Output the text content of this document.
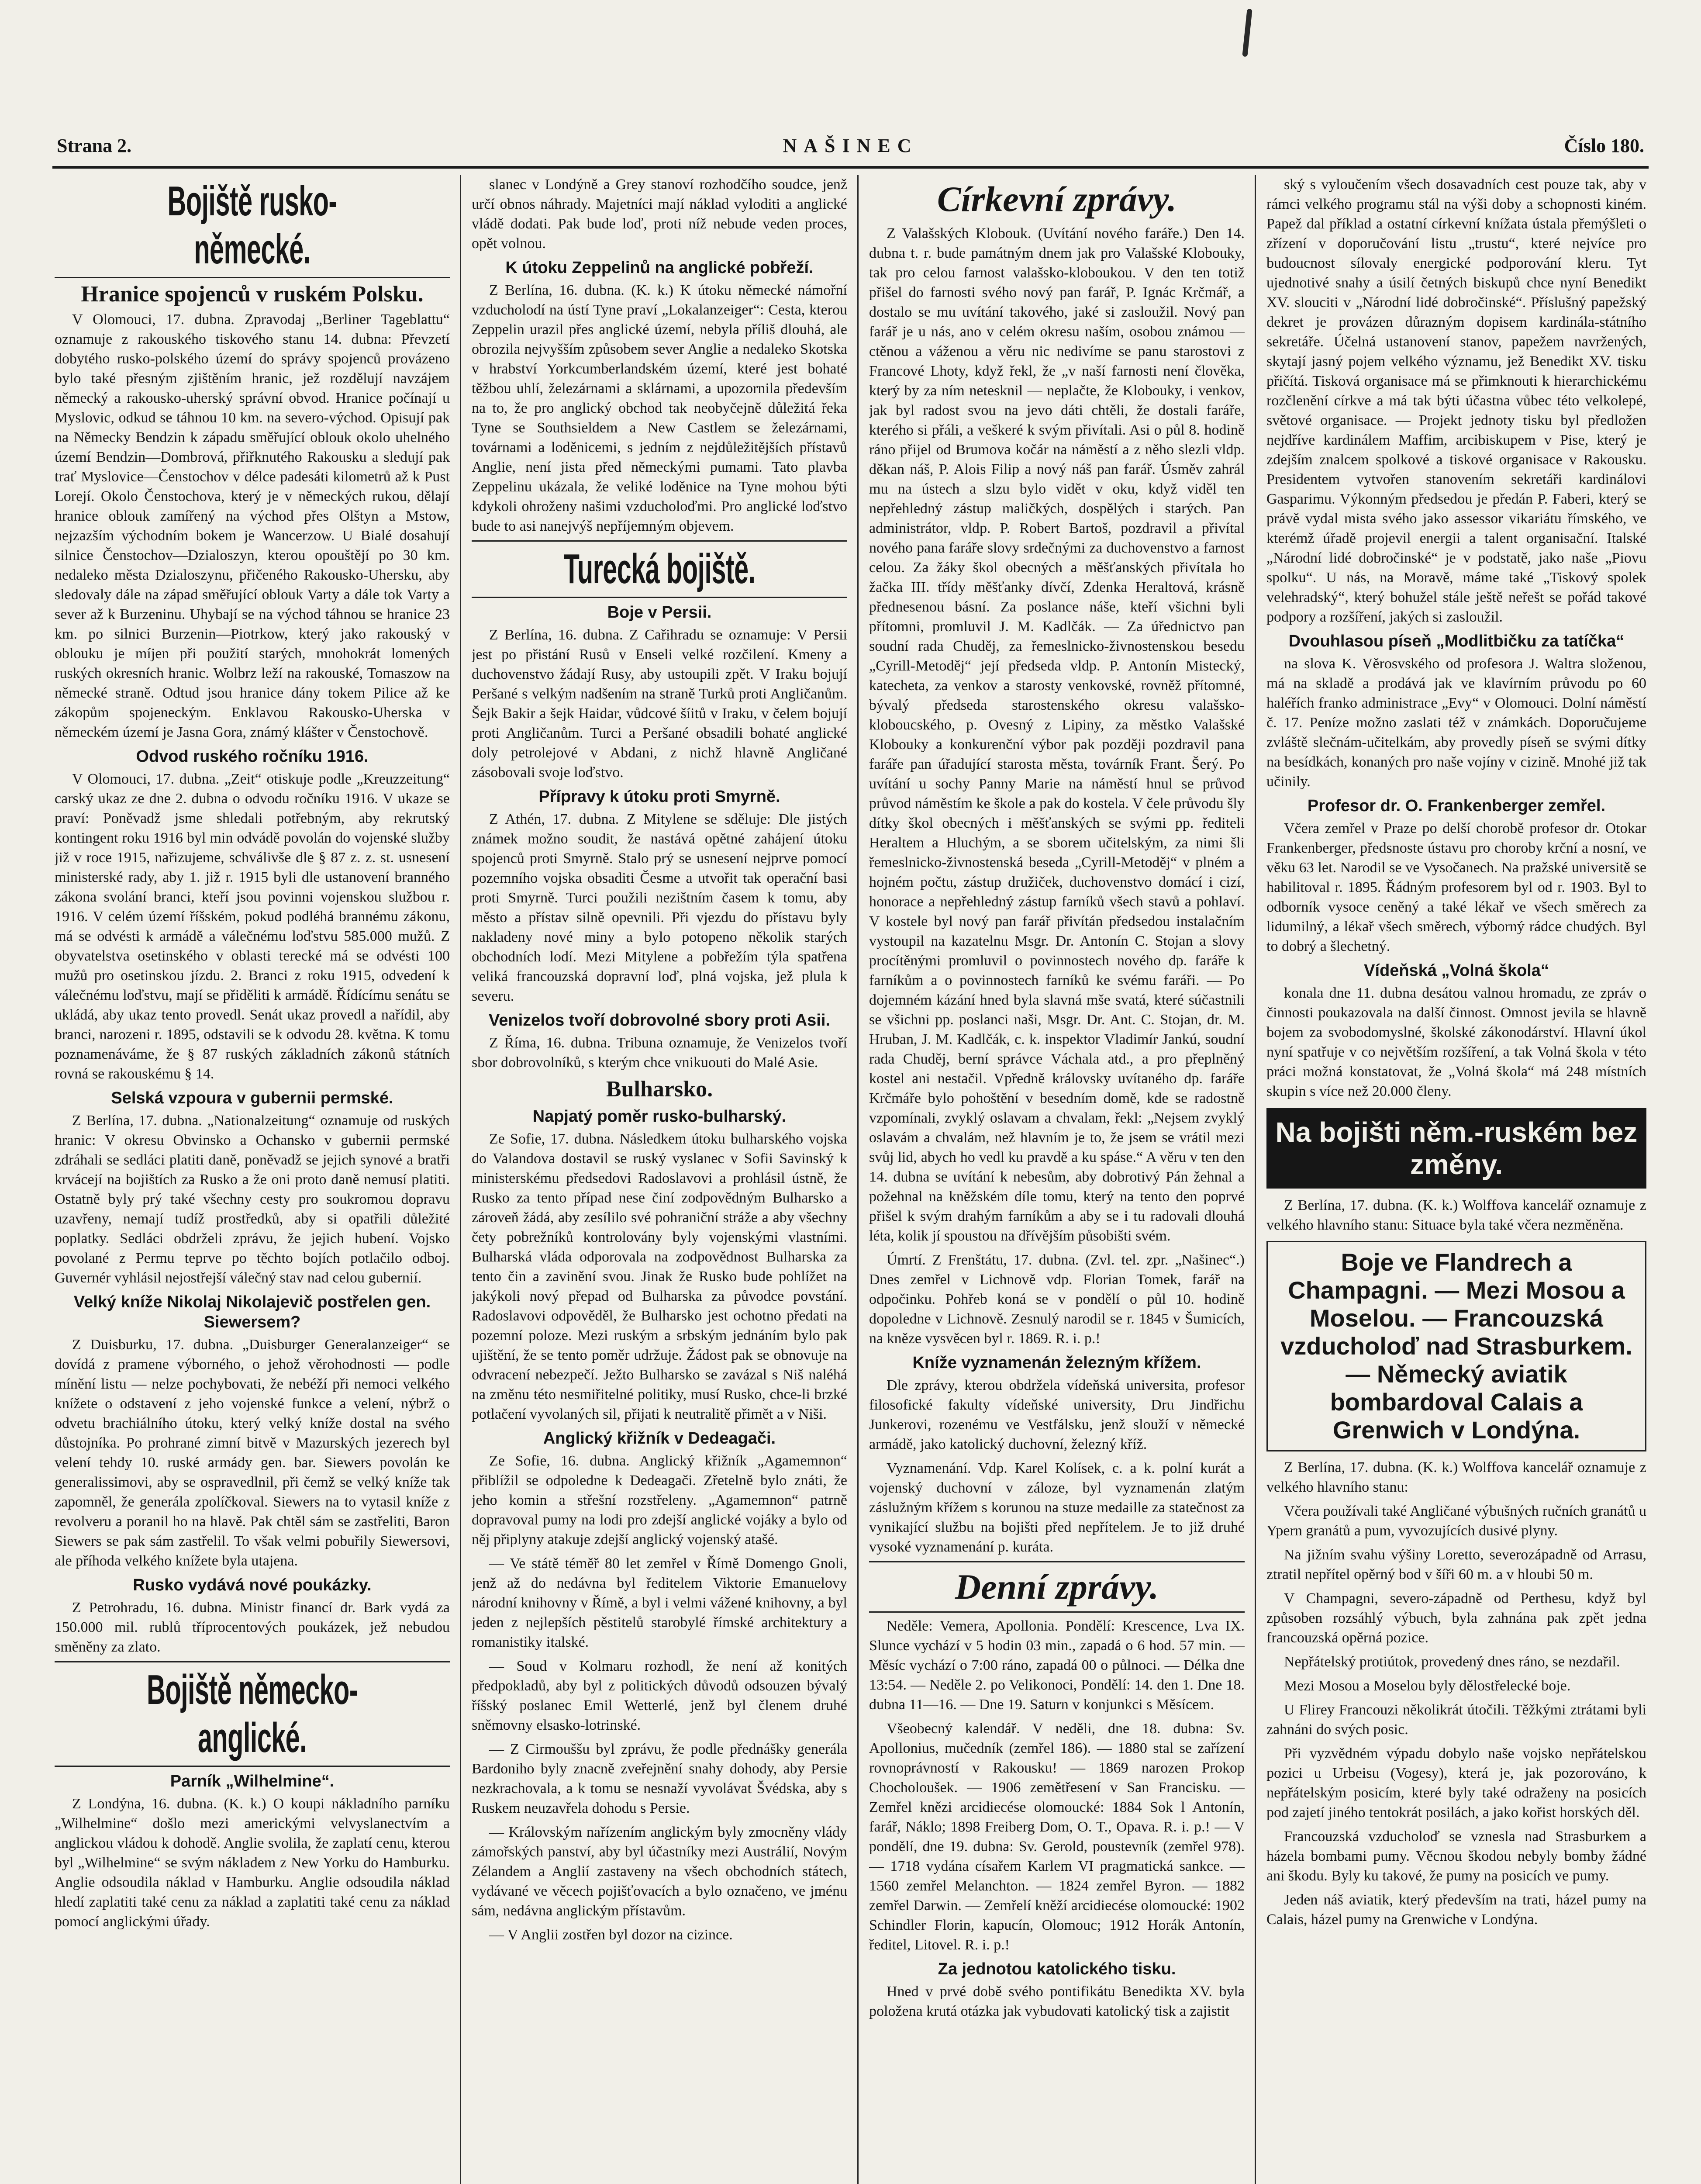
Strana 2.	NAŠINEC	Číslo 180.
Bojiště rusko-německé.
Hranice spojenců v ruském Polsku.

V Olomouci, 17. dubna. Zpravodaj „Berliner Tageblattu“ oznamuje z rakouského tiskového stanu 14. dubna: Převzetí dobytého rusko-polského území do správy spojenců provázeno bylo také přesným zjištěním hranic, jež rozdělují navzájem německý a rakousko-uherský správní obvod. Hranice počínají u Myslovic, odkud se táhnou 10 km. na severo-východ. Opisují pak na Německy Bendzin k západu směřující oblouk okolo uhelného území Bendzin—Dombrová, přiřknutého Rakousku a sledují pak trať Myslovice—Čenstochov v délce padesáti kilometrů až k Pust Lorejí. Okolo Čenstochova, který je v německých rukou, dělají hranice oblouk zamířený na východ přes Olštyn a Mstow, nejzazším východním bokem je Wancerzow. U Bialé dosahují silnice Čenstochov—Dzialoszyn, kterou opouštějí po 30 km. nedaleko města Dzialoszynu, přičeného Rakousko-Uhersku, aby sledovaly dále na západ směřující oblouk Varty a dále tok Varty a sever až k Burzeninu. Uhybají se na východ táhnou se hranice 23 km. po silnici Burzenin—Piotrkow, který jako rakouský v oblouku je míjen při použití starých, mnohokrát lomených ruských okresních hranic. Wolbrz leží na rakouské, Tomaszow na německé straně. Odtud jsou hranice dány tokem Pilice až ke zákopům spojeneckým. Enklavou Rakousko-Uherska v německém území je Jasna Gora, známý klášter v Čenstochově.

Odvod ruského ročníku 1916.

V Olomouci, 17. dubna. „Zeit“ otiskuje podle „Kreuzzeitung“ carský ukaz ze dne 2. dubna o odvodu ročníku 1916. V ukaze se praví: Poněvadž jsme shledali potřebným, aby rekrutský kontingent roku 1916 byl min odvádě povolán do vojenské služby již v roce 1915, nařizujeme, schválivše dle § 87 z. z. st. usnesení ministerské rady, aby 1. již r. 1915 byli dle ustanovení branného zákona svolání branci, kteří jsou povinni vojenskou službou r. 1916. V celém území říšském, pokud podléhá brannému zákonu, má se odvésti k armádě a válečnému loďstvu 585.000 mužů. Z obyvatelstva osetinského v oblasti terecké má se odvésti 100 mužů pro osetinskou jízdu. 2. Branci z roku 1915, odvedení k válečnému loďstvu, mají se přiděliti k armádě. Řídícímu senátu se ukládá, aby ukaz tento provedl. Senát ukaz provedl a nařídil, aby branci, narozeni r. 1895, odstavili se k odvodu 28. května. K tomu poznamenáváme, že § 87 ruských základních zákonů státních rovná se rakouskému § 14.

Selská vzpoura v gubernii permské.

Z Berlína, 17. dubna. „Nationalzeitung“ oznamuje od ruských hranic: V okresu Obvinsko a Ochansko v gubernii permské zdráhali se sedláci platiti daně, poněvadž se jejich synové a bratři krvácejí na bojištích za Rusko a že oni proto daně nemusí platiti. Ostatně byly prý také všechny cesty pro soukromou dopravu uzavřeny, nemají tudíž prostředků, aby si opatřili důležité poplatky. Sedláci obdrželi zprávu, že jejich hubení. Vojsko povolané z Permu teprve po těchto bojích potlačilo odboj. Guvernér vyhlásil nejostřejší válečný stav nad celou gubernií.

Velký kníže Nikolaj Nikolajevič postřelen gen. Siewersem?

Z Duisburku, 17. dubna. „Duisburger Generalanzeiger“ se dovídá z pramene výborného, o jehož věrohodnosti — podle mínění listu — nelze pochybovati, že nebéží při nemoci velkého knížete o odstavení z jeho vojenské funkce a velení, nýbrž o odvetu brachiálního útoku, který velký kníže dostal na svého důstojníka. Po prohrané zimní bitvě v Mazurských jezerech byl velení tehdy 10. ruské armády gen. bar. Siewers povolán ke generalissimovi, aby se ospravedlnil, při čemž se velký kníže tak zapomněl, že generála zpolíčkoval. Siewers na to vytasil kníže z revolveru a poranil ho na hlavě. Pak chtěl sám se zastřeliti, Baron Siewers se pak sám zastřelil. To však velmi pobuřily Siewersovi, ale příhoda velkého knížete byla utajena.

Rusko vydává nové poukázky.

Z Petrohradu, 16. dubna. Ministr financí dr. Bark vydá za 150.000 mil. rublů tříprocentových poukázek, jež nebudou směněny za zlato.

Bojiště německo-anglické.
Parník „Wilhelmine“.

Z Londýna, 16. dubna. (K. k.) O koupi nákladního parníku „Wilhelmine“ došlo mezi americkými velvyslanectvím a anglickou vládou k dohodě. Anglie svolila, že zaplatí cenu, kterou byl „Wilhelmine“ se svým nákladem z New Yorku do Hamburku. Anglie odsoudila náklad v Hamburku. Anglie odsoudila náklad hledí zaplatiti také cenu za náklad a zaplatiti také cenu za náklad pomocí anglickými úřady.

slanec v Londýně a Grey stanoví rozhodčího soudce, jenž určí obnos náhrady. Majetníci mají náklad vyloditi a anglické vládě dodati. Pak bude loď, proti níž nebude veden proces, opět volnou.

K útoku Zeppelinů na anglické pobřeží.

Z Berlína, 16. dubna. (K. k.) K útoku německé námořní vzducholodí na ústí Tyne praví „Lokalanzeiger“: Cesta, kterou Zeppelin urazil přes anglické území, nebyla příliš dlouhá, ale obrozila nejvyšším způsobem sever Anglie a nedaleko Skotska v hrabství Yorkcumberlandském území, které jest bohaté těžbou uhlí, železárnami a sklárnami, a upozornila především na to, že pro anglický obchod tak neobyčejně důležitá řeka Tyne se Southsieldem a New Castlem se železárnami, továrnami a loděnicemi, s jedním z nejdůležitějších přístavů Anglie, není jista před německými pumami. Tato plavba Zeppelinu ukázala, že veliké loděnice na Tyne mohou býti kdykoli ohroženy našimi vzducholoďmi. Pro anglické loďstvo bude to asi nanejvýš nepříjemným objevem.

Turecká bojiště.
Boje v Persii.

Z Berlína, 16. dubna. Z Cařihradu se oznamuje: V Persii jest po přistání Rusů v Enseli velké rozčilení. Kmeny a duchovenstvo žádají Rusy, aby ustoupili zpět. V Iraku bojují Peršané s velkým nadšením na straně Turků proti Angličanům. Šejk Bakir a šejk Haidar, vůdcové šíitů v Iraku, v čelem bojují proti Angličanům. Turci a Peršané obsadili bohaté anglické doly petrolejové v Abdani, z nichž hlavně Angličané zásobovali svoje loďstvo.

Přípravy k útoku proti Smyrně.

Z Athén, 17. dubna. Z Mitylene se sděluje: Dle jistých známek možno soudit, že nastává opětné zahájení útoku spojenců proti Smyrně. Stalo prý se usnesení nejprve pomocí pozemního vojska obsaditi Česme a utvořit tak operační basi proti Smyrně. Turci použili nezištním časem k tomu, aby město a přístav silně opevnili. Při vjezdu do přístavu byly nakladeny nové miny a bylo potopeno několik starých obchodních lodí. Mezi Mitylene a pobřežím týla spatřena veliká francouzská dopravní loď, plná vojska, jež plula k severu.

Venizelos tvoří dobrovolné sbory proti Asii.

Z Říma, 16. dubna. Tribuna oznamuje, že Venizelos tvoří sbor dobrovolníků, s kterým chce vnikuouti do Malé Asie.

Bulharsko.
Napjatý poměr rusko-bulharský.

Ze Sofie, 17. dubna. Následkem útoku bulharského vojska do Valandova dostavil se ruský vyslanec v Sofii Savinský k ministerskému předsedovi Radoslavovi a prohlásil ústně, že Rusko za tento případ nese činí zodpovědným Bulharsko a zároveň žádá, aby zesílilo své pohraniční stráže a aby všechny čety pobrežníků kontrolovány byly vojenskými vlastními. Bulharská vláda odporovala na zodpovědnost Bulharska za tento čin a zavinění svou. Jinak že Rusko bude pohlížet na jakýkoli nový přepad od Bulharska za původce povstání. Radoslavovi odpověděl, že Bulharsko jest ochotno předati na pozemní poloze. Mezi ruským a srbským jednáním bylo pak ujištění, že se tento poměr udržuje. Žádost pak se obnovuje na odvracení nebezpečí. Ježto Bulharsko se zavázal s Niš naléhá na změnu této nesmiřitelné politiky, musí Rusko, chce-li brzké potlačení vyvolaných sil, přijati k neutralitě přimět a v Niši.

Anglický křižník v Dedeagači.

Ze Sofie, 16. dubna. Anglický křižník „Agamemnon“ přiblížil se odpoledne k Dedeagači. Zřetelně bylo znáti, že jeho komin a střešní rozstřeleny. „Agamemnon“ patrně dopravoval pumy na lodi pro zdejší anglické vojáky a bylo od něj připlyny atakuje zdejší anglický vojenský atašé.

— Ve státě téměř 80 let zemřel v Římě Domengo Gnoli, jenž až do nedávna byl ředitelem Viktorie Emanuelovy národní knihovny v Římě, a byl i velmi vážené knihovny, a byl jeden z nejlepších pěstitelů starobylé římské architektury a romanistiky italské.

— Soud v Kolmaru rozhodl, že není až konitých předpokladů, aby byl z politických důvodů odsouzen bývalý říšský poslanec Emil Wetterlé, jenž byl členem druhé sněmovny elsasko-lotrinské.

— Z Cirmouššu byl zprávu, že podle přednášky generála Bardoniho byly znacně zveřejnění snahy dohody, aby Persie nezkrachovala, a k tomu se nesnaží vyvolávat Švédska, aby s Ruskem neuzavřela dohodu s Persie.

— Královským nařízením anglickým byly zmocněny vlády zámořských panství, aby byl účastníky mezi Austrálií, Novým Zélandem a Anglií zastaveny na všech obchodních státech, vydávané ve věcech pojišťovacích a bylo označeno, ve jménu sám, nedávna anglickým přístavům.

— V Anglii zostřen byl dozor na cizince.

Církevní zprávy.

Z Valašských Klobouk. (Uvítání nového faráře.) Den 14. dubna t. r. bude památným dnem jak pro Valašské Klobouky, tak pro celou farnost valašsko-kloboukou. V den ten totiž přišel do farnosti svého nový pan farář, P. Ignác Krčmář, a dostalo se mu uvítání takového, jaké si zasloužil. Nový pan farář je u nás, ano v celém okresu naším, osobou známou — ctěnou a váženou a věru nic nedivíme se panu starostovi z Francové Lhoty, když řekl, že „v naší farnosti není člověka, který by za ním netesknil — neplačte, že Klobouky, i venkov, jak byl radost svou na jevo dáti chtěli, že dostali faráře, kterého si přáli, a veškeré k svým přivítali. Asi o půl 8. hodině ráno přijel od Brumova kočár na náměstí a z něho slezli vldp. děkan náš, P. Alois Filip a nový náš pan farář. Úsměv zahrál mu na ústech a slzu bylo vidět v oku, když viděl ten nepřehledný zástup maličkých, dospělých i starých. Pan administrátor, vldp. P. Robert Bartoš, pozdravil a přivítal nového pana faráře slovy srdečnými za duchovenstvo a farnost celou. Za žáky škol obecných a měšťanských přivítala ho žačka III. třídy měšťanky dívčí, Zdenka Heraltová, krásně přednesenou básní. Za poslance náše, kteří všichni byli přítomni, promluvil J. M. Kadlčák. — Za úřednictvo pan soudní rada Chuděj, za řemeslnicko-živnostenskou besedu „Cyrill-Metoděj“ její předseda vldp. P. Antonín Mistecký, katecheta, za venkov a starosty venkovské, rovněž přítomné, bývalý předseda starostenského okresu valašsko-kloboucského, p. Ovesný z Lipiny, za městko Valašské Klobouky a konkurenční výbor pak později pozdravil pana faráře pan úřadující starosta města, továrník Frant. Šerý. Po uvítání u sochy Panny Marie na náměstí hnul se průvod průvod náměstím ke škole a pak do kostela. V čele průvodu šly dítky škol obecných i měšťanských se svými pp. řediteli Heraltem a Hluchým, a se sborem učitelským, za nimi šli řemeslnicko-živnostenská beseda „Cyrill-Metoděj“ v plném a hojném počtu, zástup družiček, duchovenstvo domácí i cizí, honorace a nepřehledný zástup farníků všech stavů a pohlaví. V kostele byl nový pan farář přivítán předsedou instalačním vystoupil na kazatelnu Msgr. Dr. Antonín C. Stojan a slovy procítěnými promluvil o povinnostech nového dp. faráře k farníkům a o povinnostech farníků ke svému faráři. — Po dojemném kázání hned byla slavná mše svatá, které súčastnili se všichni pp. poslanci naši, Msgr. Dr. Ant. C. Stojan, dr. M. Hruban, J. M. Kadlčák, c. k. inspektor Vladimír Jankú, soudní rada Chuděj, berní správce Váchala atd., a pro přeplněný kostel ani nestačil. Vpředně královsky uvítaného dp. faráře Krčmáře bylo pohoštění v besedním domě, kde se radostně vzpomínali, zvyklý oslavam a chvalam, řekl: „Nejsem zvyklý oslavám a chvalám, než hlavním je to, že jsem se vrátil mezi svůj lid, abych ho vedl ku pravdě a ku spáse.“ A věru v ten den 14. dubna se uvítání k nebesům, aby dobrotivý Pán žehnal a požehnal na kněžském díle tomu, který na tento den poprvé přišel k svým drahým farníkům a aby se i tu radovali dlouhá léta, kolik jí spoustou na dřívějším působišti svém.

Úmrtí. Z Frenštátu, 17. dubna. (Zvl. tel. zpr. „Našinec“.) Dnes zemřel v Lichnově vdp. Florian Tomek, farář na odpočinku. Pohřeb koná se v pondělí o půl 10. hodině dopoledne v Lichnově. Zesnulý narodil se r. 1845 v Šumicích, na kněze vysvěcen byl r. 1869. R. i. p.!

Kníže vyznamenán železným křížem.

Dle zprávy, kterou obdržela vídeňská universita, profesor filosofické fakulty vídeňské university, Dru Jindřichu Junkerovi, rozenému ve Vestfálsku, jenž slouží v německé armádě, jako katolický duchovní, železný kříž.

Vyznamenání. Vdp. Karel Kolísek, c. a k. polní kurát a vojenský duchovní v záloze, byl vyznamenán zlatým záslužným křížem s korunou na stuze medaille za statečnost za vynikající službu na bojišti před nepřítelem. Je to již druhé vysoké vyznamenání p. kuráta.

Denní zprávy.

Neděle: Vemera, Apollonia. Pondělí: Krescence, Lva IX. Slunce vychází v 5 hodin 03 min., zapadá o 6 hod. 57 min. — Měsíc vychází o 7:00 ráno, zapadá 00 o půlnoci. — Délka dne 13:54. — Neděle 2. po Velikonoci, Pondělí: 14. den 1. Dne 18. dubna 11—16. — Dne 19. Saturn v konjunkci s Měsícem.

Všeobecný kalendář. V neděli, dne 18. dubna: Sv. Apollonius, mučedník (zemřel 186). — 1880 stal se zařízení rovnoprávností v Rakousku! — 1869 narozen Prokop Chocholoušek. — 1906 zemětřesení v San Francisku. — Zemřel knězi arcidiecése olomoucké: 1884 Sok l Antonín, farář, Náklo; 1898 Freiberg Dom, O. T., Opava. R. i. p.! — V pondělí, dne 19. dubna: Sv. Gerold, poustevník (zemřel 978). — 1718 vydána císařem Karlem VI pragmatická sankce. — 1560 zemřel Melanchton. — 1824 zemřel Byron. — 1882 zemřel Darwin. — Zemřelí kněží arcidiecése olomoucké: 1902 Schindler Florin, kapucín, Olomouc; 1912 Horák Antonín, ředitel, Litovel. R. i. p.!

Za jednotou katolického tisku.

Hned v prvé době svého pontifikátu Benedikta XV. byla položena krutá otázka jak vybudovati katolický tisk a zajistit

ský s vyloučením všech dosavadních cest pouze tak, aby v rámci velkého programu stál na výši doby a schopnosti kiném. Papež dal příklad a ostatní církevní knížata ústala přemýšleti o zřízení v doporučování listu „trustu“, které nejvíce pro budoucnost sílovaly energické podporování kleru. Tyt ujednotivé snahy a úsilí četných biskupů chce nyní Benedikt XV. slouciti v „Národní lidé dobročinské“. Příslušný papežský dekret je provázen důrazným dopisem kardinála-státního sekretáře. Účelná ustanovení stanov, papežem navržených, skytají jasný pojem velkého významu, jež Benedikt XV. tisku přičítá. Tisková organisace má se přimknouti k hierarchickému rozčlenění církve a má tak býti účastna vůbec této velkolepé, světové organisace. — Projekt jednoty tisku byl předložen nejdříve kardinálem Maffim, arcibiskupem v Pise, který je zdejším znalcem spolkové a tiskové organisace v Rakousku. Presidentem vytvořen stanovením sekretáři kardinálovi Gasparimu. Výkonným předsedou je předán P. Faberi, který se právě vydal mista svého jako assessor vikariátu římského, ve kterémž úřadě projevil energii a talent organisační. Italské „Národní lidé dobročinské“ je v podstatě, jako naše „Piovu spolku“. U nás, na Moravě, máme také „Tiskový spolek velehradský“, který bohužel stále ještě neřešt se pořád takové podpory a rozšíření, jakých si zasloužil.

Dvouhlasou píseň „Modlitbičku za tatíčka“

na slova K. Věrosvského od profesora J. Waltra složenou, má na skladě a prodává jak ve klavírním průvodu po 60 haléřích franko administrace „Evy“ v Olomouci. Dolní náměstí č. 17. Peníze možno zaslati též v známkách. Doporučujeme zvláště slečnám-učitelkám, aby provedly píseň se svými dítky na besídkách, konaných pro naše vojíny v cizině. Mnohé již tak učinily.

Profesor dr. O. Frankenberger zemřel.

Včera zemřel v Praze po delší chorobě profesor dr. Otokar Frankenberger, předsnoste ústavu pro choroby krční a nosní, ve věku 63 let. Narodil se ve Vysočanech. Na pražské universitě se habilitoval r. 1895. Řádným profesorem byl od r. 1903. Byl to odborník vysoce ceněný a také lékař ve všech směrech za lidumilný, a lékař všech směrech, výborný rádce chudých. Byl to dobrý a šlechetný.

Vídeňská „Volná škola“

konala dne 11. dubna desátou valnou hromadu, ze zpráv o činnosti poukazovala na další činnost. Omnost jevila se hlavně bojem za svobodomyslné, školské zákonodárství. Hlavní úkol nyní spatřuje v co největším rozšíření, a tak Volná škola v této práci možná konstatovat, že „Volná škola“ má 248 místních skupin s více než 20.000 členy.

Na bojišti něm.-ruském bez změny.

Z Berlína, 17. dubna. (K. k.) Wolffova kancelář oznamuje z velkého hlavního stanu: Situace byla také včera nezměněna.

Boje ve Flandrech a Champagni. — Mezi Mosou a Moselou. — Francouzská vzducholoď nad Strasburkem. — Německý aviatik bombardoval Calais a Grenwich v Londýna.

Z Berlína, 17. dubna. (K. k.) Wolffova kancelář oznamuje z velkého hlavního stanu:

Včera používali také Angličané výbušných ručních granátů u Ypern granátů a pum, vyvozujících dusivé plyny.

Na jižním svahu výšiny Loretto, severozápadně od Arrasu, ztratil nepřítel opěrný bod v šíři 60 m. a v hloubi 50 m.

V Champagni, severo-západně od Perthesu, když byl způsoben rozsáhlý výbuch, byla zahnána pak zpět jedna francouzská opěrná pozice.

Nepřátelský protiútok, provedený dnes ráno, se nezdařil.

Mezi Mosou a Moselou byly dělostřelecké boje.

U Flirey Francouzi několikrát útočili. Těžkými ztrátami byli zahnáni do svých posic.

Při vyzvědném výpadu dobylo naše vojsko nepřátelskou pozici u Urbeisu (Vogesy), která je, jak pozorováno, k nepřátelským posicím, které byly také odraženy na posicích pod zajetí jiného tentokrát posilách, a jako kořist horských děl.

Francouzská vzducholoď se vznesla nad Strasburkem a házela bombami pumy. Věcnou škodou nebyly bomby žádné ani škodu. Byly ku takové, že pumy na posicích ve pumy.

Jeden náš aviatik, který především na trati, házel pumy na Calais, házel pumy na Grenwiche v Londýna.
